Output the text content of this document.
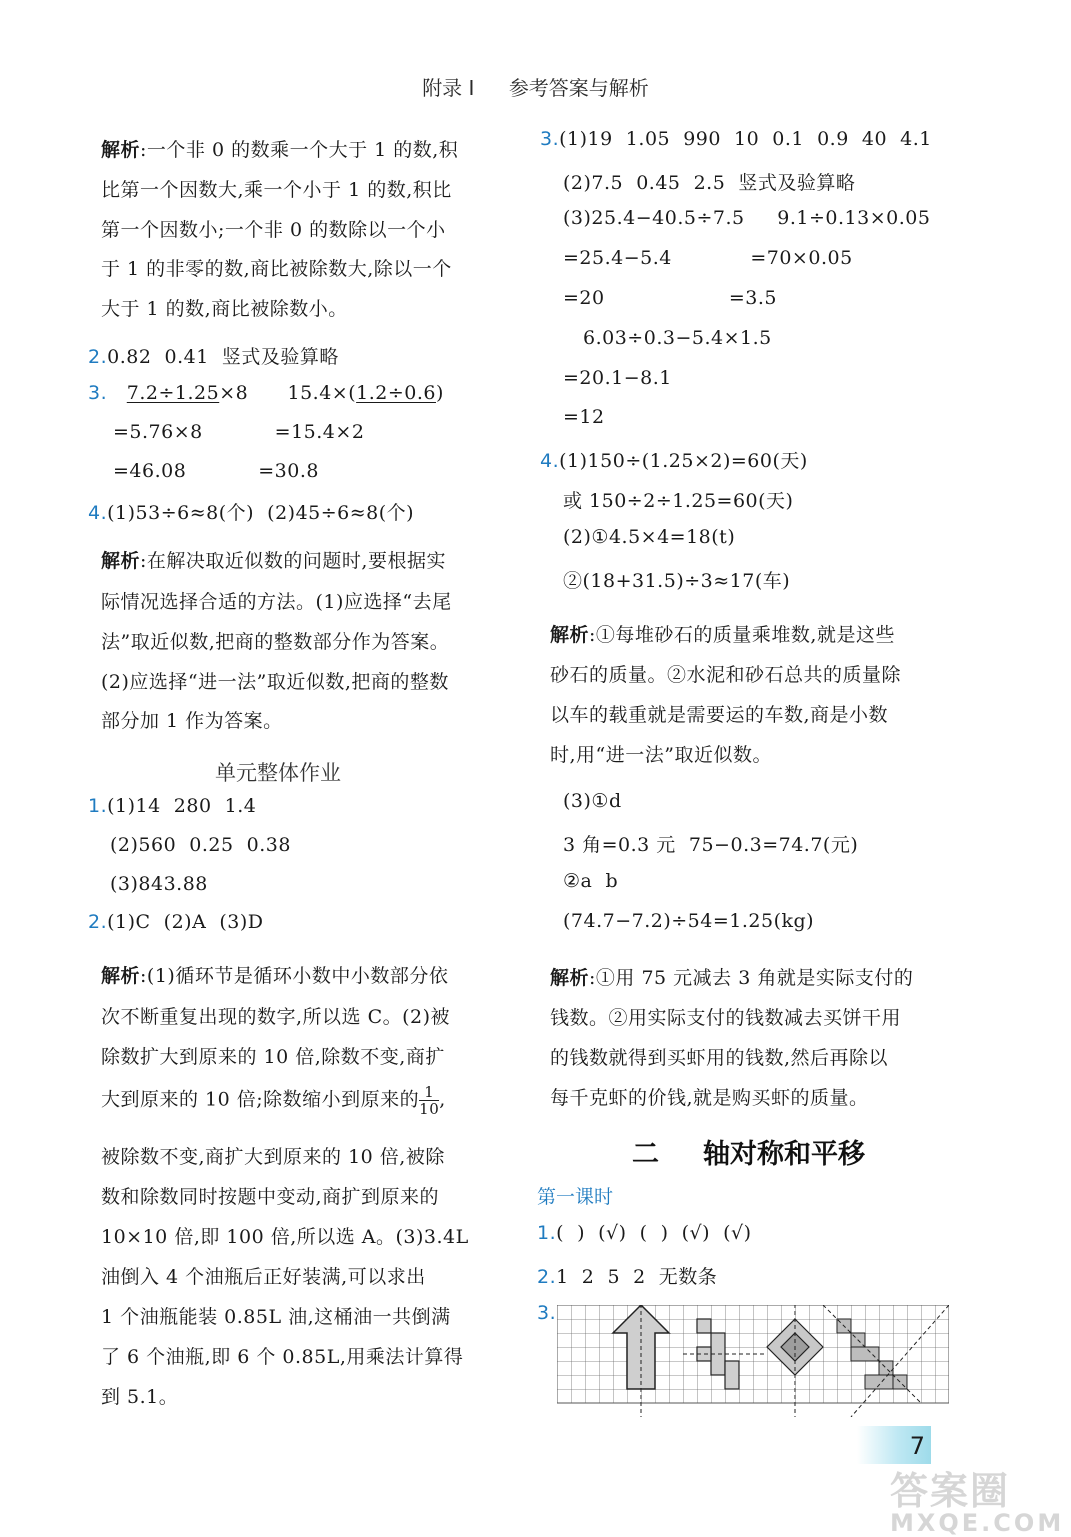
附录 Ⅰ 参考答案与解析
解析:一个非 0 的数乘一个大于 1 的数,积
比第一个因数大,乘一个小于 1 的数,积比
第一个因数小;一个非 0 的数除以一个小
于 1 的非零的数,商比被除数大,除以一个
大于 1 的数,商比被除数小。
2.0.82  0.41  竖式及验算略
3. 7.2÷1.25×8 15.4×(1.2÷0.6)
=5.76×8           =15.4×2
=46.08           =30.8
4.(1)53÷6≈8(个)  (2)45÷6≈8(个)
解析:在解决取近似数的问题时,要根据实
际情况选择合适的方法。(1)应选择“去尾
法”取近似数,把商的整数部分作为答案。
(2)应选择“进一法”取近似数,把商的整数
部分加 1 作为答案。
单元整体作业
1.(1)14  280  1.4
(2)560  0.25  0.38
(3)843.88
2.(1)C  (2)A  (3)D
解析:(1)循环节是循环小数中小数部分依
次不断重复出现的数字,所以选 C。(2)被
除数扩大到原来的 10 倍,除数不变,商扩
大到原来的 10 倍;除数缩小到原来的 $\frac{1}{10}$ ,
被除数不变,商扩大到原来的 10 倍,被除
数和除数同时按题中变动,商扩到原来的
10×10 倍,即 100 倍,所以选 A。(3)3.4L
油倒入 4 个油瓶后正好装满,可以求出
1 个油瓶能装 0.85L 油,这桶油一共倒满
了 6 个油瓶,即 6 个 0.85L,用乘法计算得
到 5.1。
3.(1)19  1.05  990  10  0.1  0.9  40  4.1
(2)7.5  0.45  2.5  竖式及验算略
(3)25.4−40.5÷7.5     9.1÷0.13×0.05
=25.4−5.4            =70×0.05
=20                   =3.5
6.03÷0.3−5.4×1.5
=20.1−8.1
=12
4.(1)150÷(1.25×2)=60(天)
或 150÷2÷1.25=60(天)
(2)①4.5×4=18(t)
②(18+31.5)÷3≈17(车)
解析:①每堆砂石的质量乘堆数,就是这些
砂石的质量。②水泥和砂石总共的质量除
以车的载重就是需要运的车数,商是小数
时,用“进一法”取近似数。
(3)①d
3 角=0.3 元  75−0.3=74.7(元)
②a  b
(74.7−7.2)÷54=1.25(kg)
解析:①用 75 元减去 3 角就是实际支付的
钱数。②用实际支付的钱数减去买饼干用
的钱数就得到买虾用的钱数,然后再除以
每千克虾的价钱,就是购买虾的质量。
二 轴对称和平移
第一课时
1.(  )  (√)  (  )  (√)  (√)
2.1  2  5  2  无数条
3.
7
答案圈
MXQE.COM
